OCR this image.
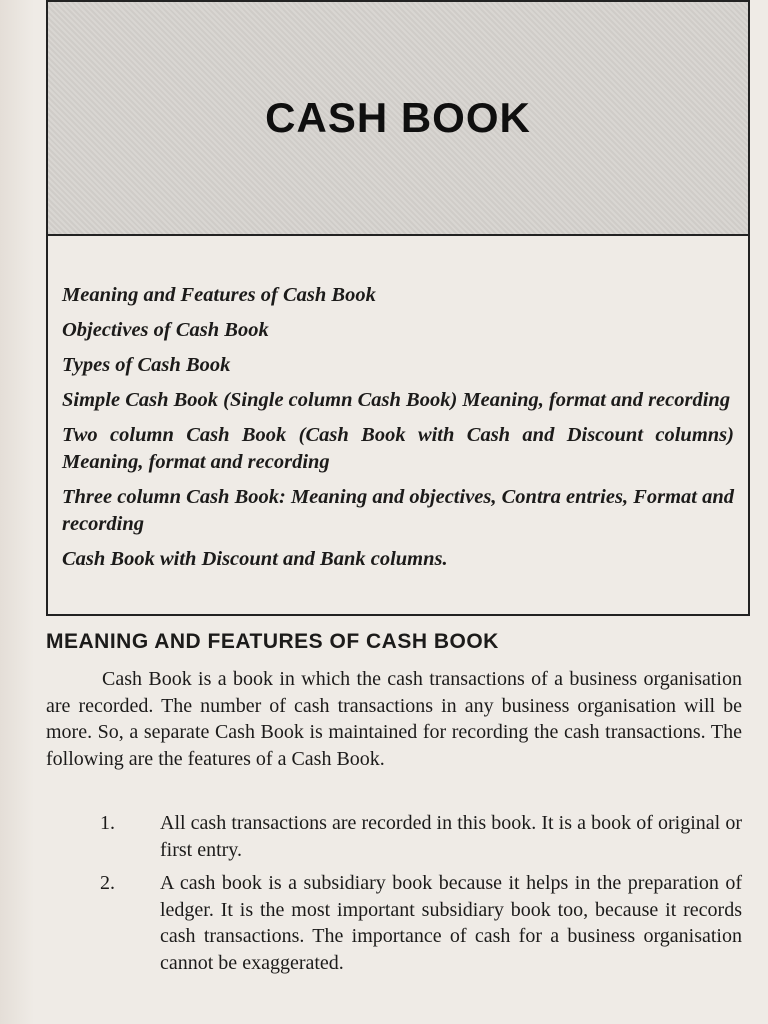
CASH BOOK

Meaning and Features of Cash Book

Objectives of Cash Book

Types of Cash Book

Simple Cash Book (Single column Cash Book) Meaning, format and recording

Two column Cash Book (Cash Book with Cash and Discount columns) Meaning, format and recording

Three column Cash Book: Meaning and objectives, Contra entries, Format and recording

Cash Book with Discount and Bank columns.

MEANING AND FEATURES OF CASH BOOK

Cash Book is a book in which the cash transactions of a business organisation are recorded. The number of cash transactions in any business organisation will be more. So, a separate Cash Book is maintained for recording the cash transactions. The following are the features of a Cash Book.

1.	All cash transactions are recorded in this book. It is a book of original or first entry.
2.	A cash book is a subsidiary book because it helps in the preparation of ledger. It is the most important subsidiary book too, because it records cash transactions. The importance of cash for a business organisation cannot be exaggerated.
